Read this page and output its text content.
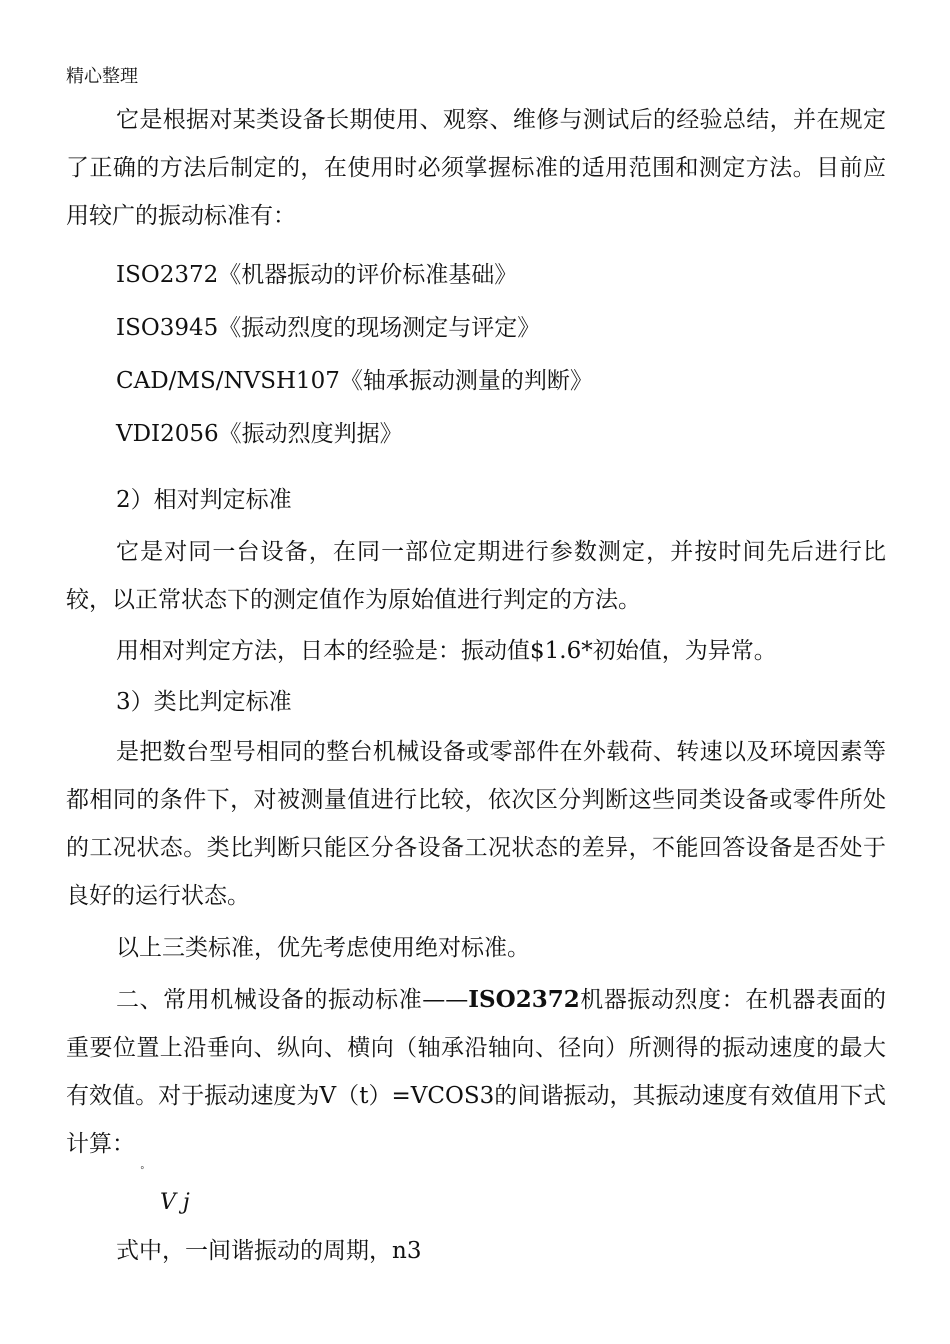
精心整理

它是根据对某类设备长期使用、观察、维修与测试后的经验总结，并在规定了正确的方法后制定的，在使用时必须掌握标准的适用范围和测定方法。目前应用较广的振动标准有：

ISO2372《机器振动的评价标准基础》
ISO3945《振动烈度的现场测定与评定》
CAD/MS/NVSH107《轴承振动测量的判断》
VDI2056《振动烈度判据》
2）相对判定标准

它是对同一台设备，在同一部位定期进行参数测定，并按时间先后进行比较，以正常状态下的测定值作为原始值进行判定的方法。

用相对判定方法，日本的经验是：振动值$1.6*初始值，为异常。
3）类比判定标准

是把数台型号相同的整台机械设备或零部件在外载荷、转速以及环境因素等都相同的条件下，对被测量值进行比较，依次区分判断这些同类设备或零件所处的工况状态。类比判断只能区分各设备工况状态的差异，不能回答设备是否处于良好的运行状态。

以上三类标准，优先考虑使用绝对标准。

二、常用机械设备的振动标准——ISO2372机器振动烈度：在机器表面的重要位置上沿垂向、纵向、横向（轴承沿轴向、径向）所测得的振动速度的最大有效值。对于振动速度为V（t）=VCOS3的间谐振动，其振动速度有效值用下式计算：

°
V j
式中，一间谐振动的周期，n3
